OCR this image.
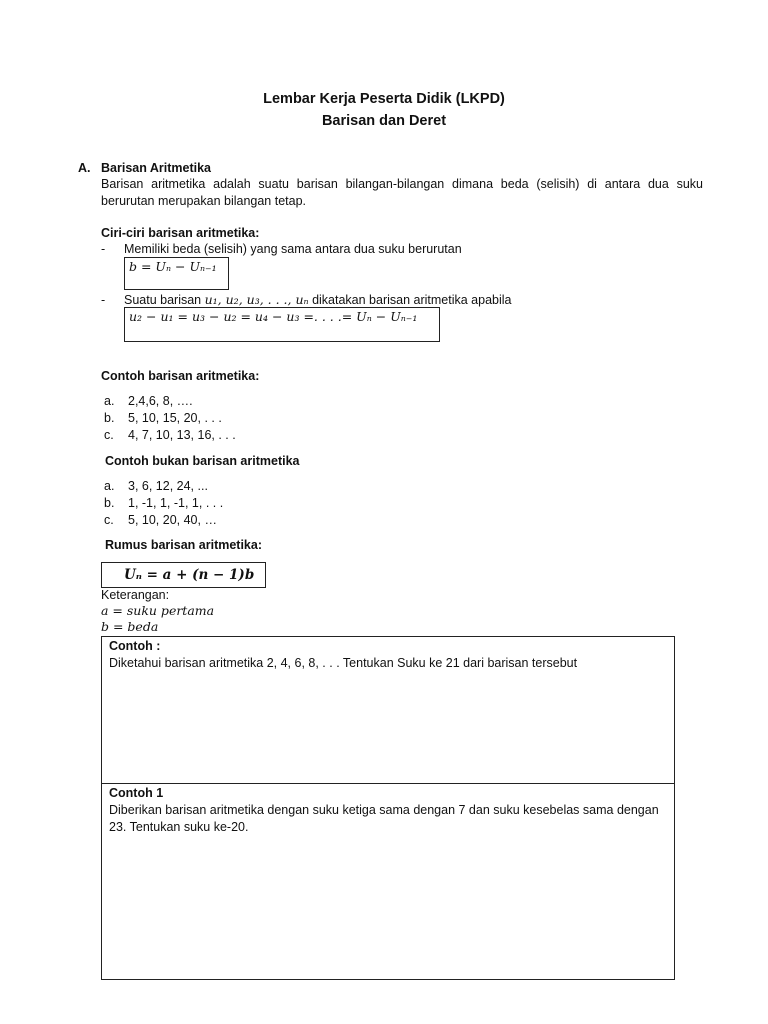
Lembar Kerja Peserta Didik (LKPD)
Barisan dan Deret
A. Barisan Aritmetika
Barisan aritmetika adalah suatu barisan bilangan-bilangan dimana beda (selisih) di antara dua suku berurutan merupakan bilangan tetap.
Ciri-ciri barisan aritmetika:
- Memiliki beda (selisih) yang sama antara dua suku berurutan
b = Uₙ − Uₙ₋₁
- Suatu barisan u₁, u₂, u₃, . . ., uₙ dikatakan barisan aritmetika apabila
u₂ − u₁ = u₃ − u₂ = u₄ − u₃ =. . . .= Uₙ − Uₙ₋₁
Contoh barisan aritmetika:
a.	2,4,6, 8, ….
b.	5, 10, 15, 20, . . .
c.	4, 7, 10, 13, 16, . . .
Contoh bukan barisan aritmetika
a.	3, 6, 12, 24, ...
b.	1, -1, 1, -1, 1, . . .
c.	5, 10, 20, 40, …
Rumus barisan aritmetika:
Uₙ = a + (n − 1)b
Keterangan:
a = suku pertama
b = beda
Contoh :
Diketahui barisan aritmetika 2, 4, 6, 8, . . . Tentukan Suku ke 21 dari barisan tersebut
Contoh 1
Diberikan barisan aritmetika dengan suku ketiga sama dengan 7 dan suku kesebelas sama dengan 23. Tentukan suku ke-20.
